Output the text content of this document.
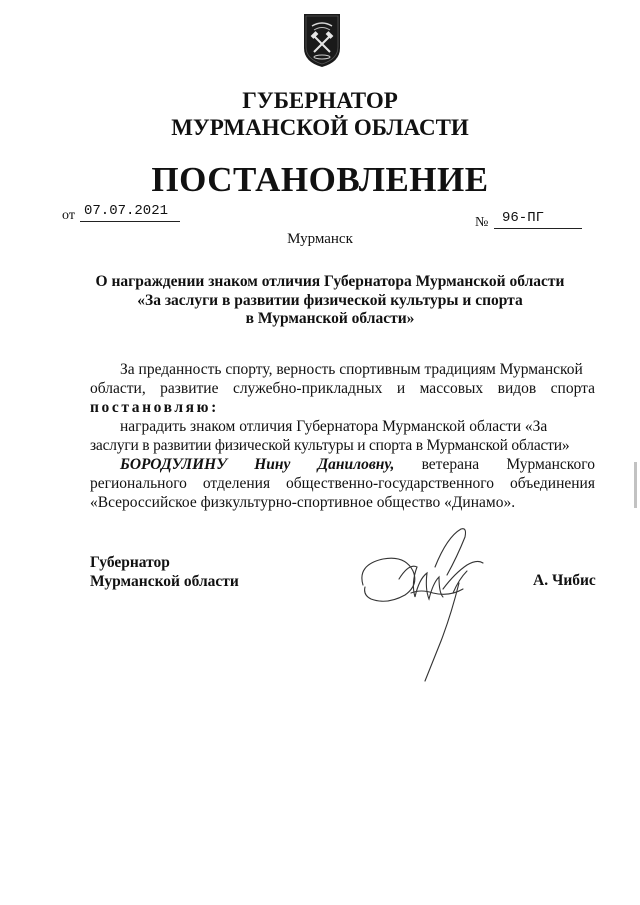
ГУБЕРНАТОР
МУРМАНСКОЙ ОБЛАСТИ
ПОСТАНОВЛЕНИЕ
от 07.07.2021
№ 96-ПГ
Мурманск
О награждении знаком отличия Губернатора Мурманской области
«За заслуги в развитии физической культуры и спорта
в Мурманской области»
За преданность спорту, верность спортивным традициям Мурманской
области, развитие служебно-прикладных и массовых видов спорта
постановляю:
наградить знаком отличия Губернатора Мурманской области «За
заслуги в развитии физической культуры и спорта в Мурманской области»
БОРОДУЛИНУ Нину Даниловну, ветерана Мурманского
регионального отделения общественно-государственного объединения
«Всероссийское физкультурно-спортивное общество «Динамо».
Губернатор
Мурманской области	А. Чибис
